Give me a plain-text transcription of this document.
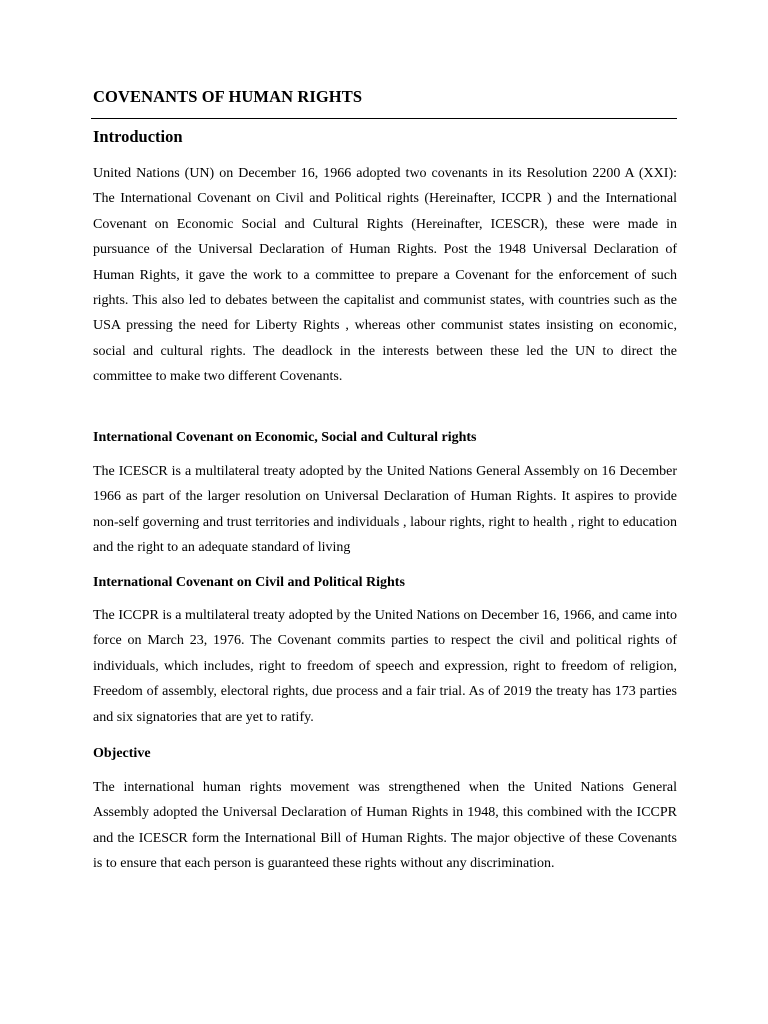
COVENANTS OF HUMAN RIGHTS
Introduction

United Nations (UN) on December 16, 1966 adopted two covenants in its Resolution 2200 A (XXI): The International Covenant on Civil and Political rights (Hereinafter, ICCPR ) and the International Covenant on Economic Social and Cultural Rights (Hereinafter, ICESCR), these were made in pursuance of the Universal Declaration of Human Rights. Post the 1948 Universal Declaration of Human Rights, it gave the work to a committee to prepare a Covenant for the enforcement of such rights. This also led to debates between the capitalist and communist states, with countries such as the USA pressing the need for Liberty Rights , whereas other communist states insisting on economic, social and cultural rights. The deadlock in the interests between these led the UN to direct the committee to make two different Covenants.

International Covenant on Economic, Social and Cultural rights

The ICESCR is a multilateral treaty adopted by the United Nations General Assembly on 16 December 1966 as part of the larger resolution on Universal Declaration of Human Rights. It aspires to provide non-self governing and trust territories and individuals , labour rights, right to health , right to education and the right to an adequate standard of living

International Covenant on Civil and Political Rights

The ICCPR is a multilateral treaty adopted by the United Nations on December 16, 1966, and came into force on March 23, 1976. The Covenant commits parties to respect the civil and political rights of individuals, which includes, right to freedom of speech and expression, right to freedom of religion, Freedom of assembly, electoral rights, due process and a fair trial. As of 2019 the treaty has 173 parties and six signatories that are yet to ratify.

Objective

The international human rights movement was strengthened when the United Nations General Assembly adopted the Universal Declaration of Human Rights in 1948, this combined with the ICCPR and the ICESCR form the International Bill of Human Rights. The major objective of these Covenants is to ensure that each person is guaranteed these rights without any discrimination.
